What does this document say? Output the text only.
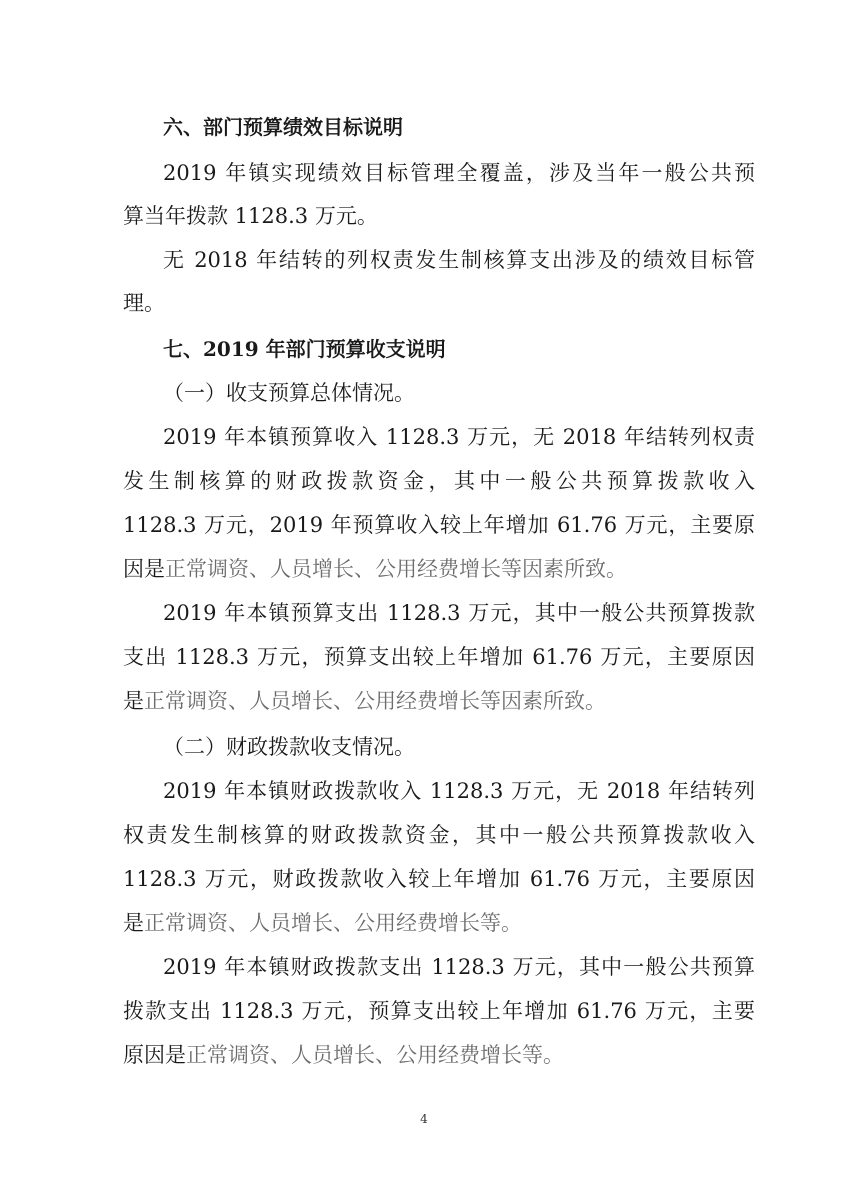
六、部门预算绩效目标说明
2019 年镇实现绩效目标管理全覆盖，涉及当年一般公共预
算当年拨款 1128.3 万元。
无 2018 年结转的列权责发生制核算支出涉及的绩效目标管
理。
七、2019 年部门预算收支说明
（一）收支预算总体情况。
2019 年本镇预算收入 1128.3 万元，无 2018 年结转列权责
发生制核算的财政拨款资金，其中一般公共预算拨款收入
1128.3 万元，2019 年预算收入较上年增加 61.76 万元，主要原
因是正常调资、人员增长、公用经费增长等因素所致。
2019 年本镇预算支出 1128.3 万元，其中一般公共预算拨款
支出 1128.3 万元，预算支出较上年增加 61.76 万元，主要原因
是正常调资、人员增长、公用经费增长等因素所致。
（二）财政拨款收支情况。
2019 年本镇财政拨款收入 1128.3 万元，无 2018 年结转列
权责发生制核算的财政拨款资金，其中一般公共预算拨款收入
1128.3 万元，财政拨款收入较上年增加 61.76 万元，主要原因
是正常调资、人员增长、公用经费增长等。
2019 年本镇财政拨款支出 1128.3 万元，其中一般公共预算
拨款支出 1128.3 万元，预算支出较上年增加 61.76 万元，主要
原因是正常调资、人员增长、公用经费增长等。
4
